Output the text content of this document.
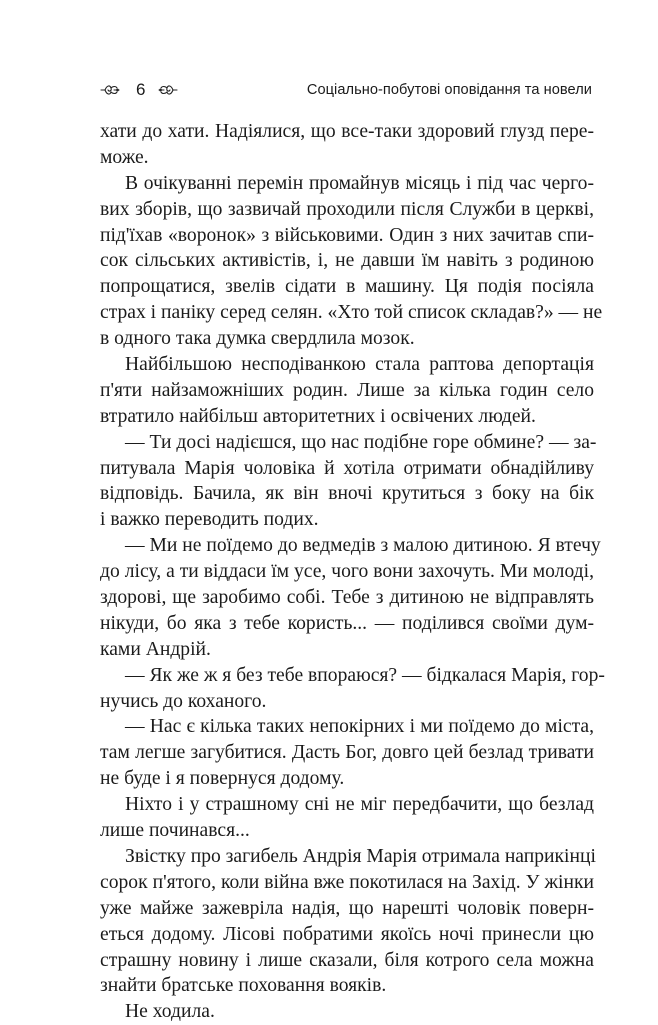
6	Соціально-побутові оповідання та новели
хати до хати. Надіялися, що все-таки здоровий глузд пере-
може.
В очікуванні перемін промайнув місяць і під час черго-
вих зборів, що зазвичай проходили після Служби в церкві,
під'їхав «воронок» з військовими. Один з них зачитав спи-
сок сільських активістів, і, не давши їм навіть з родиною
попрощатися, звелів сідати в машину. Ця подія посіяла
страх і паніку серед селян. «Хто той список складав?» — не
в одного така думка свердлила мозок.
Найбільшою несподіванкою стала раптова депортація
п'яти найзаможніших родин. Лише за кілька годин село
втратило найбільш авторитетних і освічених людей.
— Ти досі надієшся, що нас подібне горе обмине? — за-
питувала Марія чоловіка й хотіла отримати обнадійливу
відповідь. Бачила, як він вночі крутиться з боку на бік
і важко переводить подих.
— Ми не поїдемо до ведмедів з малою дитиною. Я втечу
до лісу, а ти віддаси їм усе, чого вони захочуть. Ми молоді,
здорові, ще заробимо собі. Тебе з дитиною не відправлять
нікуди, бо яка з тебе користь... — поділився своїми дум-
ками Андрій.
— Як же ж я без тебе впораюся? — бідкалася Марія, гор-
нучись до коханого.
— Нас є кілька таких непокірних і ми поїдемо до міста,
там легше загубитися. Дасть Бог, довго цей безлад тривати
не буде і я повернуся додому.
Ніхто і у страшному сні не міг передбачити, що безлад
лише починався...
Звістку про загибель Андрія Марія отримала наприкінці
сорок п'ятого, коли війна вже покотилася на Захід. У жінки
уже майже зажевріла надія, що нарешті чоловік поверн-
еться додому. Лісові побратими якоїсь ночі принесли цю
страшну новину і лише сказали, біля котрого села можна
знайти братське поховання вояків.
Не ходила.
